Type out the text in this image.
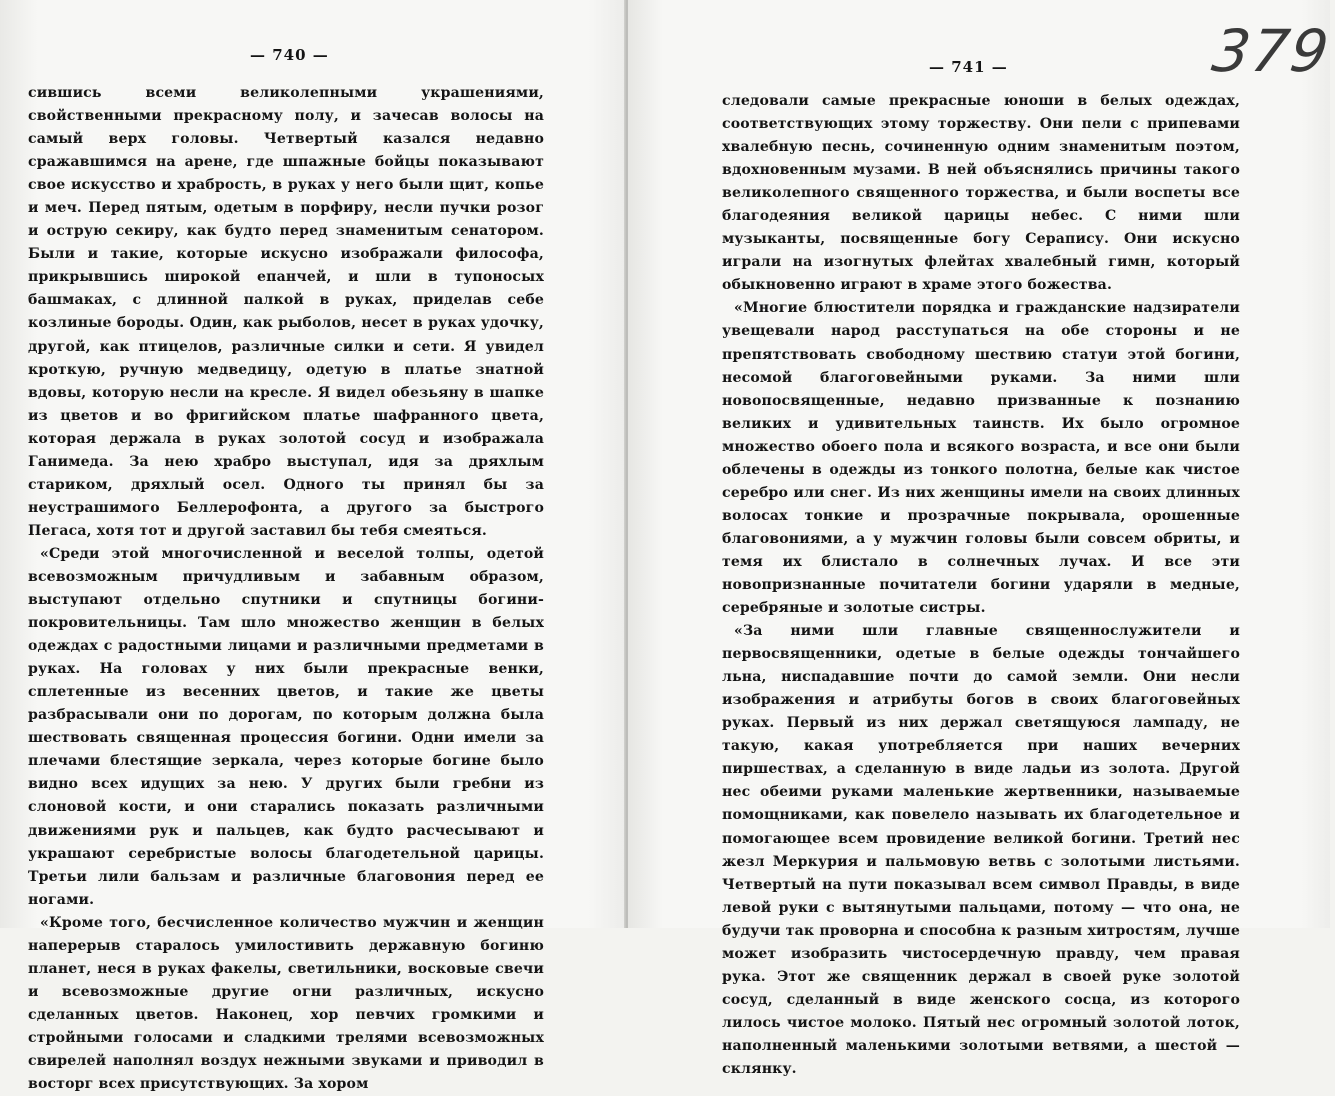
— 740 —

сившись всеми великолепными украшениями, свойственными прекрасному полу, и зачесав волосы на самый верх головы. Четвертый казался недавно сражавшимся на арене, где шпажные бойцы показывают свое искусство и храбрость, в руках у него были щит, копье и меч. Перед пятым, одетым в порфиру, несли пучки розог и острую секиру, как будто перед знаменитым сенатором. Были и такие, которые искусно изображали философа, прикрывшись широкой епанчей, и шли в тупоносых башмаках, с длинной палкой в руках, приделав себе козлиные бороды. Один, как рыболов, несет в руках удочку, другой, как птицелов, различные силки и сети. Я увидел кроткую, ручную медведицу, одетую в платье знатной вдовы, которую несли на кресле. Я видел обезьяну в шапке из цветов и во фригийском платье шафранного цвета, которая держала в руках золотой сосуд и изображала Ганимеда. За нею храбро выступал, идя за дряхлым стариком, дряхлый осел. Одного ты принял бы за неустрашимого Беллерофонта, а другого за быстрого Пегаса, хотя тот и другой заставил бы тебя смеяться.

«Среди этой многочисленной и веселой толпы, одетой всевозможным причудливым и забавным образом, выступают отдельно спутники и спутницы богини-покровительницы. Там шло множество женщин в белых одеждах с радостными лицами и различными предметами в руках. На головах у них были прекрасные венки, сплетенные из весенних цветов, и такие же цветы разбрасывали они по дорогам, по которым должна была шествовать священная процессия богини. Одни имели за плечами блестящие зеркала, через которые богине было видно всех идущих за нею. У других были гребни из слоновой кости, и они старались показать различными движениями рук и пальцев, как будто расчесывают и украшают серебристые волосы благодетельной царицы. Третьи лили бальзам и различные благовония перед ее ногами.

«Кроме того, бесчисленное количество мужчин и женщин наперерыв старалось умилостивить державную богиню планет, неся в руках факелы, светильники, восковые свечи и всевозможные другие огни различных, искусно сделанных цветов. Наконец, хор певчих громкими и стройными голосами и сладкими трелями всевозможных свирелей наполнял воздух нежными звуками и приводил в восторг всех присутствующих. За хором

— 741 —

следовали самые прекрасные юноши в белых одеждах, соответствующих этому торжеству. Они пели с припевами хвалебную песнь, сочиненную одним знаменитым поэтом, вдохновенным музами. В ней объяснялись причины такого великолепного священного торжества, и были воспеты все благодеяния великой царицы небес. С ними шли музыканты, посвященные богу Серапису. Они искусно играли на изогнутых флейтах хвалебный гимн, который обыкновенно играют в храме этого божества.

«Многие блюстители порядка и гражданские надзиратели увещевали народ расступаться на обе стороны и не препятствовать свободному шествию статуи этой богини, несомой благоговейными руками. За ними шли новопосвященные, недавно призванные к познанию великих и удивительных таинств. Их было огромное множество обоего пола и всякого возраста, и все они были облечены в одежды из тонкого полотна, белые как чистое серебро или снег. Из них женщины имели на своих длинных волосах тонкие и прозрачные покрывала, орошенные благовониями, а у мужчин головы были совсем обриты, и темя их блистало в солнечных лучах. И все эти новопризнанные почитатели богини ударяли в медные, серебряные и золотые систры.

«За ними шли главные священнослужители и первосвященники, одетые в белые одежды тончайшего льна, ниспадавшие почти до самой земли. Они несли изображения и атрибуты богов в своих благоговейных руках. Первый из них держал светящуюся лампаду, не такую, какая употребляется при наших вечерних пиршествах, а сделанную в виде ладьи из золота. Другой нес обеими руками маленькие жертвенники, называемые помощниками, как повелело называть их благодетельное и помогающее всем провидение великой богини. Третий нес жезл Меркурия и пальмовую ветвь с золотыми листьями. Четвертый на пути показывал всем символ Правды, в виде левой руки с вытянутыми пальцами, потому — что она, не будучи так проворна и способна к разным хитростям, лучше может изобразить чистосердечную правду, чем правая рука. Этот же священник держал в своей руке золотой сосуд, сделанный в виде женского сосца, из которого лилось чистое молоко. Пятый нес огромный золотой лоток, наполненный маленькими золотыми ветвями, а шестой — склянку.

379
